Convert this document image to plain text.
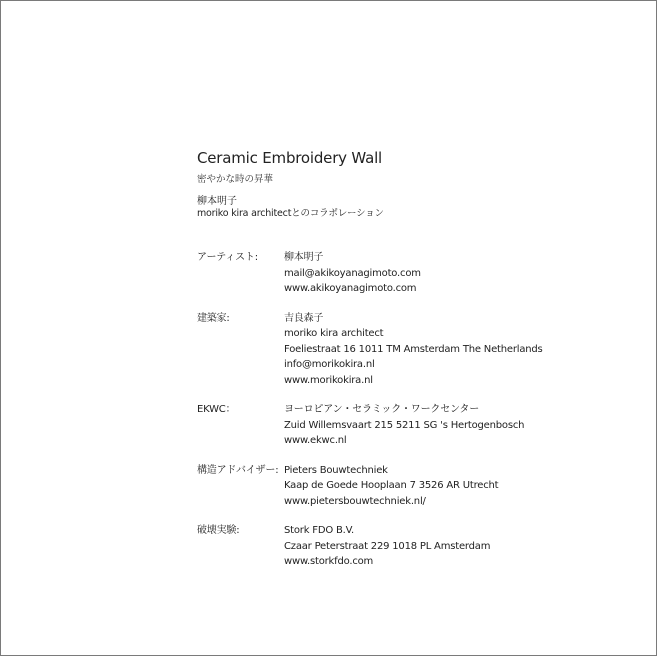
Ceramic Embroidery Wall
密やかな時の昇華
柳本明子
moriko kira architectとのコラボレーション
アーティスト:	柳本明子
mail@akikoyanagimoto.com
www.akikoyanagimoto.com
建築家:	吉良森子
moriko kira architect
Foeliestraat 16 1011 TM Amsterdam The Netherlands
info@morikokira.nl
www.morikokira.nl
EKWC：	ヨーロピアン・セラミック・ワークセンター
Zuid Willemsvaart 215 5211 SG 's Hertogenbosch
www.ekwc.nl
構造アドバイザー: Pieters Bouwtechniek
Kaap de Goede Hooplaan 7 3526 AR Utrecht
www.pietersbouwtechniek.nl/
破壊実験:	Stork FDO B.V.
Czaar Peterstraat 229 1018 PL Amsterdam
www.storkfdo.com
